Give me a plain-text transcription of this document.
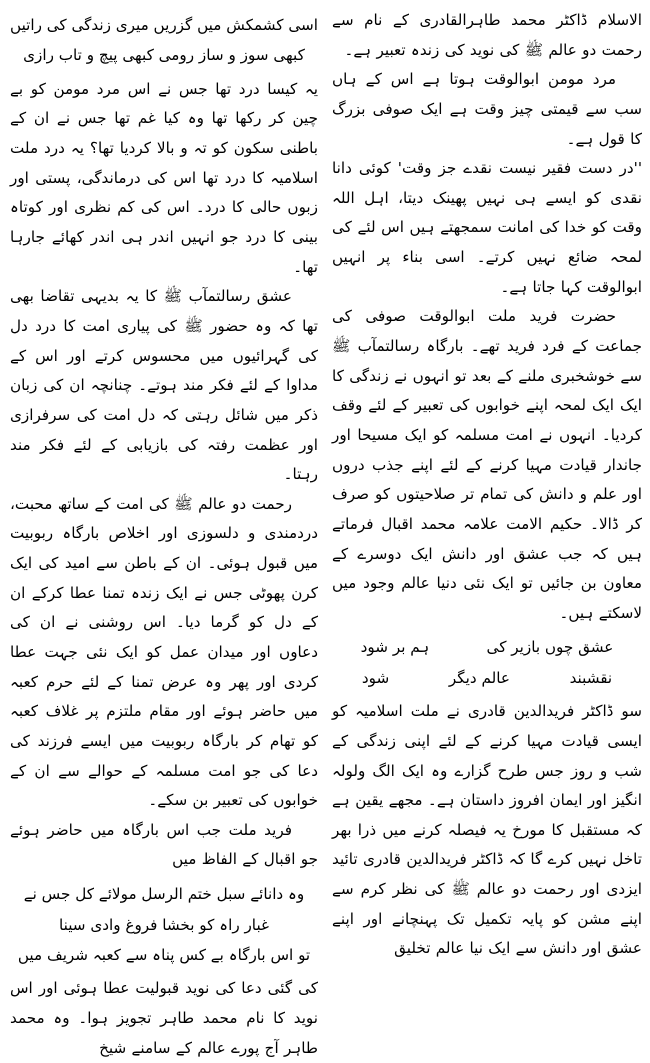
الاسلام ڈاکٹر محمد طاہرالقادری کے نام سے رحمت دو عالم ﷺ کی نوید کی زندہ تعبیر ہے۔

مرد مومن ابوالوقت ہوتا ہے اس کے ہاں سب سے قیمتی چیز وقت ہے ایک صوفی بزرگ کا قول ہے۔

''در دست فقیر نیست نقدے جز وقت' کوئی دانا نقدی کو ایسے ہی نہیں پھینک دیتا، اہل اللہ وقت کو خدا کی امانت سمجھتے ہیں اس لئے کی لمحہ ضائع نہیں کرتے۔ اسی بناء پر انہیں ابوالوقت کہا جاتا ہے۔

حضرت فرید ملت ابوالوقت صوفی کی جماعت کے فرد فرید تھے۔ بارگاہ رسالتمآب ﷺ سے خوشخبری ملنے کے بعد تو انہوں نے زندگی کا ایک ایک لمحہ اپنے خوابوں کی تعبیر کے لئے وقف کردیا۔ انہوں نے امت مسلمہ کو ایک مسیحا اور جاندار قیادت مہیا کرنے کے لئے اپنے جذب دروں اور علم و دانش کی تمام تر صلاحیتوں کو صرف کر ڈالا۔ حکیم الامت علامہ محمد اقبال فرماتے ہیں کہ جب عشق اور دانش ایک دوسرے کے معاون بن جائیں تو ایک نئی دنیا عالم وجود میں لاسکتے ہیں۔

عشق چوں بازیر کی
ہم بر شود
نقشبند
عالم دیگر
شود

سو ڈاکٹر فریدالدین قادری نے ملت اسلامیہ کو ایسی قیادت مہیا کرنے کے لئے اپنی زندگی کے شب و روز جس طرح گزارے وہ ایک الگ ولولہ انگیز اور ایمان افروز داستان ہے۔ مجھے یقین ہے کہ مستقبل کا مورخ یہ فیصلہ کرنے میں ذرا بھر تاخل نہیں کرے گا کہ ڈاکٹر فریدالدین قادری تائید ایزدی اور رحمت دو عالم ﷺ کی نظر کرم سے اپنے مشن کو پایہ تکمیل تک پہنچانے اور اپنے عشق اور دانش سے ایک نیا عالم تخلیق

اسی کشمکش میں گزریں میری زندگی کی راتیں
کبھی سوز و ساز رومی کبھی پیچ و تاب رازی

یہ کیسا درد تھا جس نے اس مرد مومن کو بے چین کر رکھا تھا وہ کیا غم تھا جس نے ان کے باطنی سکون کو تہ و بالا کردیا تھا؟ یہ درد ملت اسلامیہ کا درد تھا اس کی درماندگی، پستی اور زبوں حالی کا درد۔ اس کی کم نظری اور کوتاہ بینی کا درد جو انہیں اندر ہی اندر کھائے جارہا تھا۔

عشق رسالتمآب ﷺ کا یہ بدیہی تقاضا بھی تھا کہ وہ حضور ﷺ کی پیاری امت کا درد دل کی گہرائیوں میں محسوس کرتے اور اس کے مداوا کے لئے فکر مند ہوتے۔ چنانچہ ان کی زبان ذکر میں شائل رہتی کہ دل امت کی سرفرازی اور عظمت رفتہ کی بازیابی کے لئے فکر مند رہتا۔

رحمت دو عالم ﷺ کی امت کے ساتھ محبت، دردمندی و دلسوزی اور اخلاص بارگاہ ربوبیت میں قبول ہوئی۔ ان کے باطن سے امید کی ایک کرن پھوٹی جس نے ایک زندہ تمنا عطا کرکے ان کے دل کو گرما دیا۔ اس روشنی نے ان کی دعاوں اور میدان عمل کو ایک نئی جہت عطا کردی اور پھر وہ عرض تمنا کے لئے حرم کعبہ میں حاضر ہوئے اور مقام ملتزم پر غلاف کعبہ کو تھام کر بارگاہ ربوبیت میں ایسے فرزند کی دعا کی جو امت مسلمہ کے حوالے سے ان کے خوابوں کی تعبیر بن سکے۔

فرید ملت جب اس بارگاہ میں حاضر ہوئے جو اقبال کے الفاظ میں

وہ دانائے سبل ختم الرسل مولائے کل جس نے
غبار راہ کو بخشا فروغ وادی سینا
تو اس بارگاہ بے کس پناہ سے کعبہ شریف میں

کی گئی دعا کی نوید قبولیت عطا ہوئی اور اس نوید کا نام محمد طاہر تجویز ہوا۔ وہ محمد طاہر آج پورے عالم کے سامنے شیخ
